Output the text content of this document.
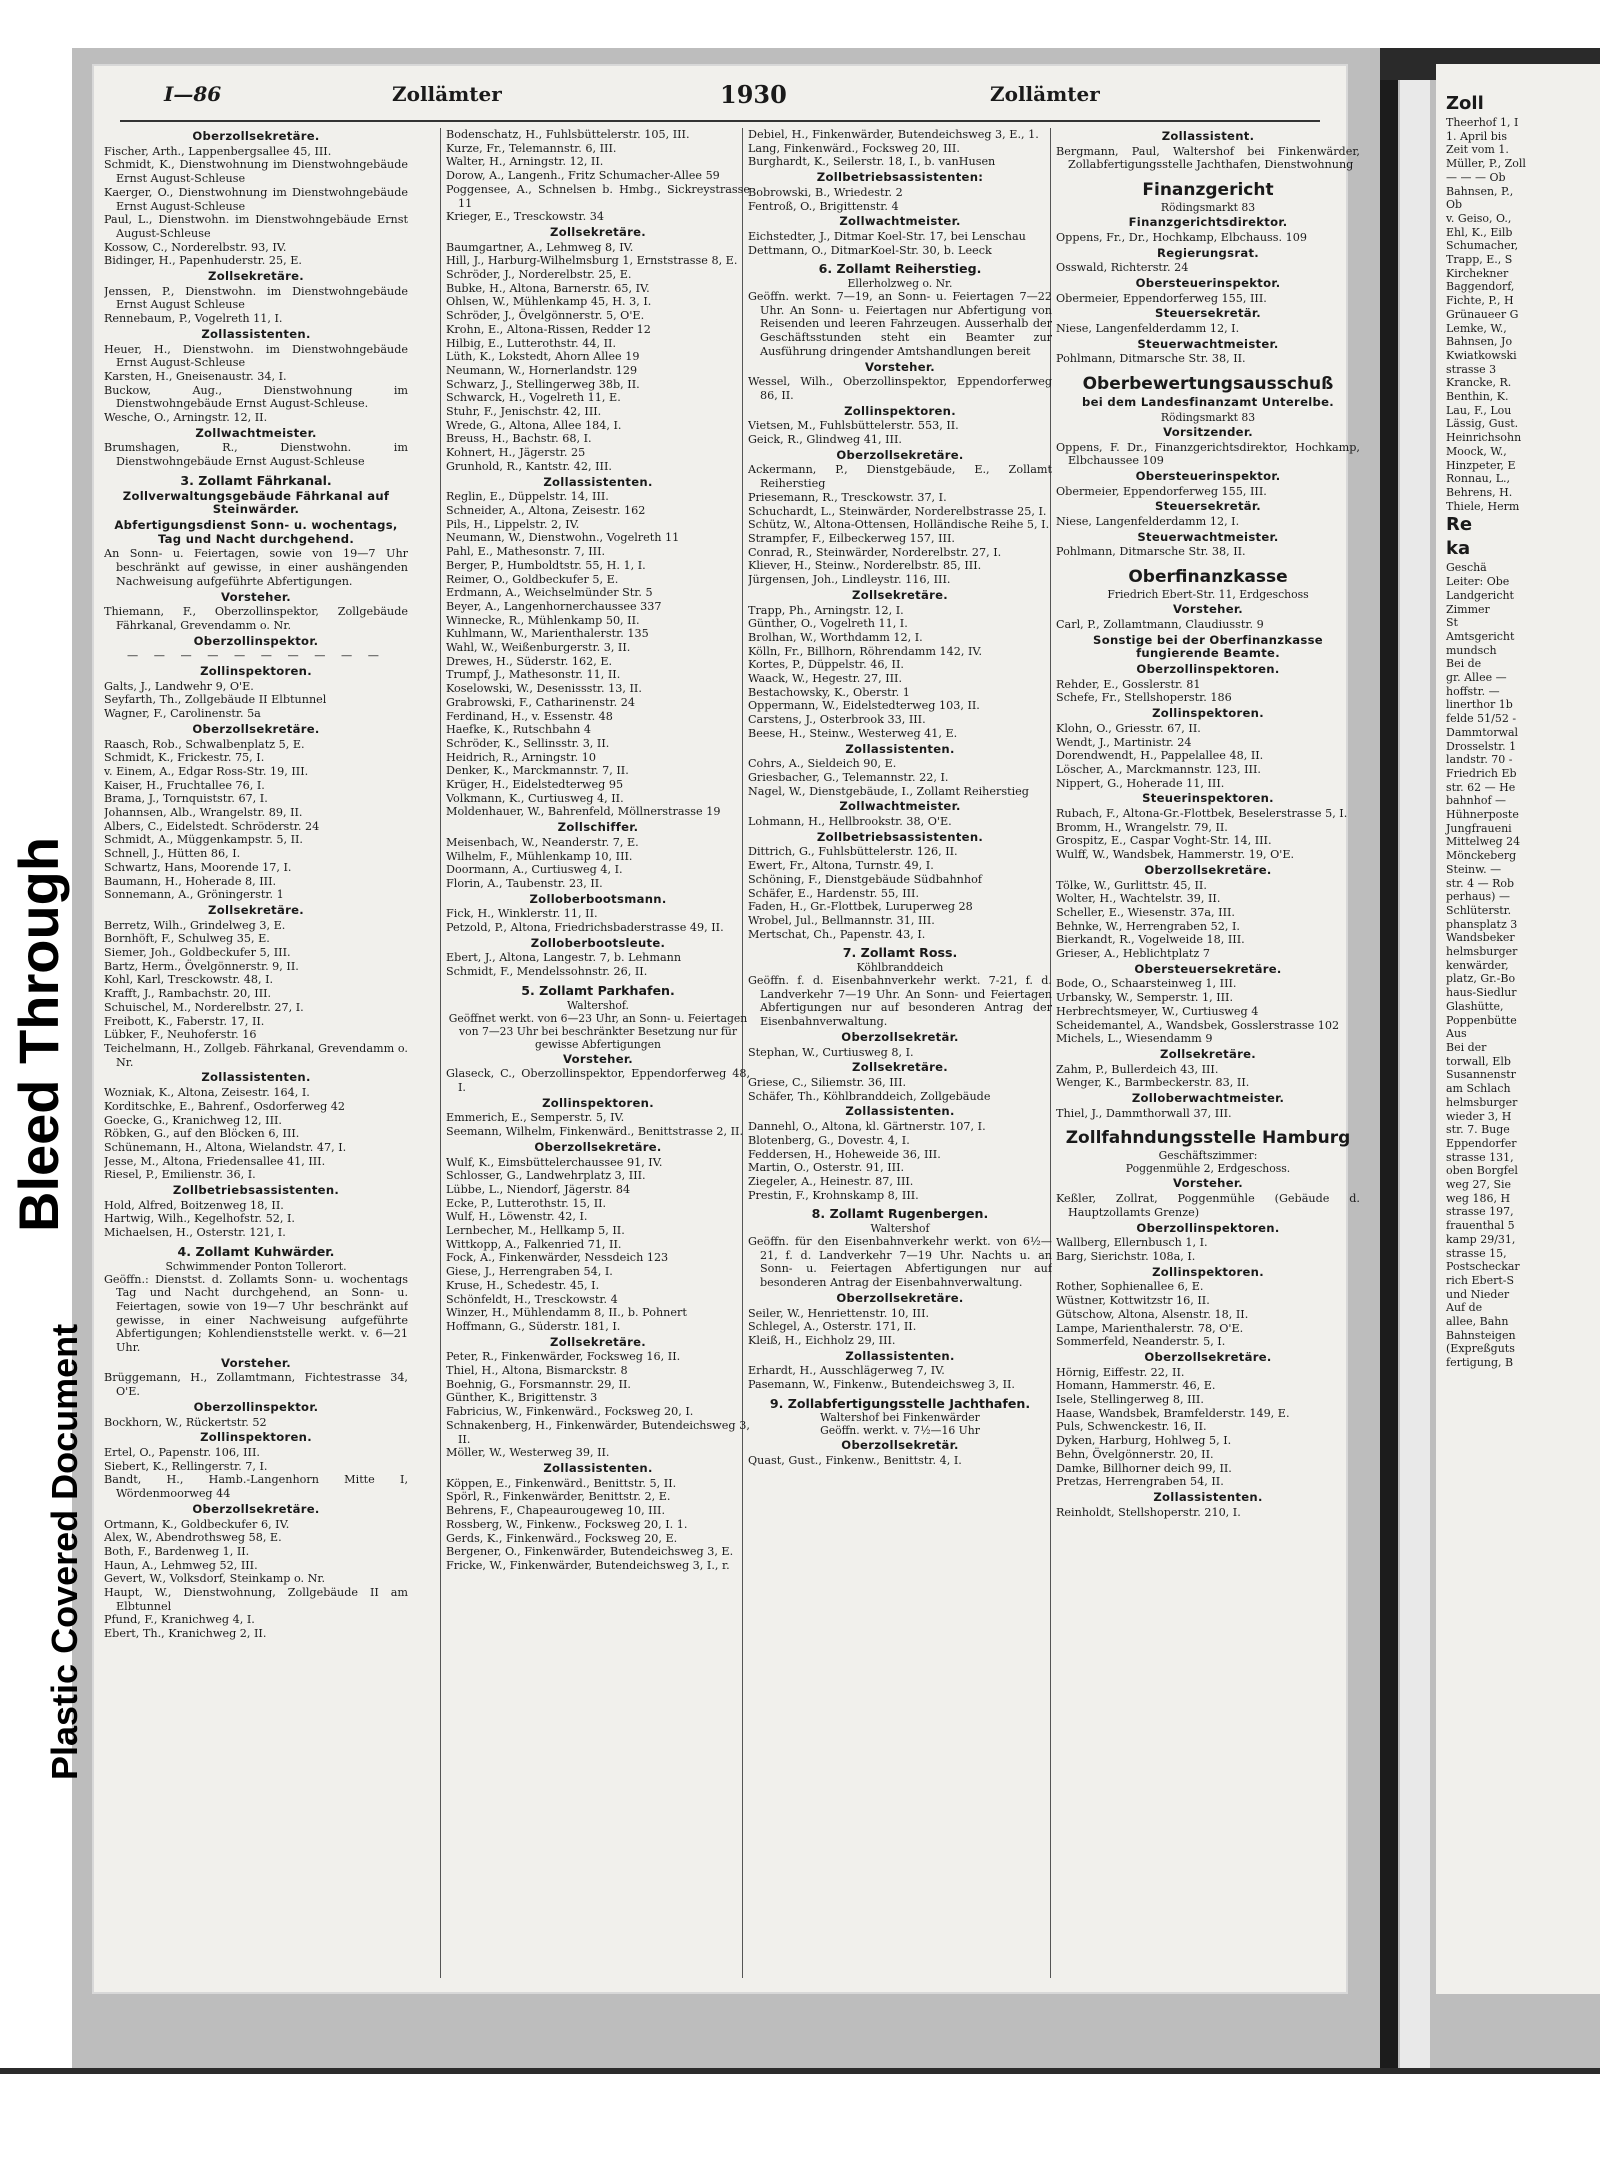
Bleed Through
Plastic Covered Document
I—86	Zollämter	1930	Zollämter
Oberzollsekretäre.
Fischer, Arth., Lappenbergsallee 45, III.
Schmidt, K., Dienstwohnung im Dienstwohngebäude Ernst August-Schleuse
Kaerger, O., Dienstwohnung im Dienstwohngebäude Ernst August-Schleuse
Paul, L., Dienstwohn. im Dienstwohngebäude Ernst August-Schleuse
Kossow, C., Norderelbstr. 93, IV.
Bidinger, H., Papenhuderstr. 25, E.
Zollsekretäre.
Jenssen, P., Dienstwohn. im Dienstwohngebäude Ernst August Schleuse
Rennebaum, P., Vogelreth 11, I.
Zollassistenten.
Heuer, H., Dienstwohn. im Dienstwohngebäude Ernst August-Schleuse
Karsten, H., Gneisenaustr. 34, I.
Buckow, Aug., Dienstwohnung im Dienstwohngebäude Ernst August-Schleuse.
Wesche, O., Arningstr. 12, II.
Zollwachtmeister.
Brumshagen, R., Dienstwohn. im Dienstwohngebäude Ernst August-Schleuse
3. Zollamt Fährkanal.
Zollverwaltungsgebäude Fährkanal auf Steinwärder.
Abfertigungsdienst Sonn- u. wochentags, Tag und Nacht durchgehend.
An Sonn- u. Feiertagen, sowie von 19—7 Uhr beschränkt auf gewisse, in einer aushängenden Nachweisung aufgeführte Abfertigungen.
Vorsteher.
Thiemann, F., Oberzollinspektor, Zollgebäude Fährkanal, Grevendamm o. Nr.
Oberzollinspektor.
— — — — — — — — — —
Zollinspektoren.
Galts, J., Landwehr 9, O'E.
Seyfarth, Th., Zollgebäude II Elbtunnel
Wagner, F., Carolinenstr. 5a
Oberzollsekretäre.
Raasch, Rob., Schwalbenplatz 5, E.
Schmidt, K., Frickestr. 75, I.
v. Einem, A., Edgar Ross-Str. 19, III.
Kaiser, H., Fruchtallee 76, I.
Brama, J., Tornquiststr. 67, I.
Johannsen, Alb., Wrangelstr. 89, II.
Albers, C., Eidelstedt. Schröderstr. 24
Schmidt, A., Müggenkampstr. 5, II.
Schnell, J., Hütten 86, I.
Schwartz, Hans, Moorende 17, I.
Baumann, H., Hoherade 8, III.
Sonnemann, A., Gröningerstr. 1
Zollsekretäre.
Berretz, Wilh., Grindelweg 3, E.
Bornhöft, F., Schulweg 35, E.
Siemer, Joh., Goldbeckufer 5, III.
Bartz, Herm., Övelgönnerstr. 9, II.
Kohl, Karl, Tresckowstr. 48, I.
Krafft, J., Rambachstr. 20, III.
Schuischel, M., Norderelbstr. 27, I.
Freibott, K., Faberstr. 17, II.
Lübker, F., Neuhoferstr. 16
Teichelmann, H., Zollgeb. Fährkanal, Grevendamm o. Nr.
Zollassistenten.
Wozniak, K., Altona, Zeisestr. 164, I.
Korditschke, E., Bahrenf., Osdorferweg 42
Goecke, G., Kranichweg 12, III.
Röbken, G., auf den Blöcken 6, III.
Schünemann, H., Altona, Wielandstr. 47, I.
Jesse, M., Altona, Friedensallee 41, III.
Riesel, P., Emilienstr. 36, I.
Zollbetriebsassistenten.
Hold, Alfred, Boitzenweg 18, II.
Hartwig, Wilh., Kegelhofstr. 52, I.
Michaelsen, H., Osterstr. 121, I.
4. Zollamt Kuhwärder.
Schwimmender Ponton Tollerort.
Geöffn.: Dienstst. d. Zollamts Sonn- u. wochentags Tag und Nacht durchgehend, an Sonn- u. Feiertagen, sowie von 19—7 Uhr beschränkt auf gewisse, in einer Nachweisung aufgeführte Abfertigungen; Kohlendienststelle werkt. v. 6—21 Uhr.
Vorsteher.
Brüggemann, H., Zollamtmann, Fichtestrasse 34, O'E.
Oberzollinspektor.
Bockhorn, W., Rückertstr. 52
Zollinspektoren.
Ertel, O., Papenstr. 106, III.
Siebert, K., Rellingerstr. 7, I.
Bandt, H., Hamb.-Langenhorn Mitte I, Wördenmoorweg 44
Oberzollsekretäre.
Ortmann, K., Goldbeckufer 6, IV.
Alex, W., Abendrothsweg 58, E.
Both, F., Bardenweg 1, II.
Haun, A., Lehmweg 52, III.
Gevert, W., Volksdorf, Steinkamp o. Nr.
Haupt, W., Dienstwohnung, Zollgebäude II am Elbtunnel
Pfund, F., Kranichweg 4, I.
Ebert, Th., Kranichweg 2, II.
Bodenschatz, H., Fuhlsbüttelerstr. 105, III.
Kurze, Fr., Telemannstr. 6, III.
Walter, H., Arningstr. 12, II.
Dorow, A., Langenh., Fritz Schumacher-Allee 59
Poggensee, A., Schnelsen b. Hmbg., Sickreystrasse 11
Krieger, E., Tresckowstr. 34
Zollsekretäre.
Baumgartner, A., Lehmweg 8, IV.
Hill, J., Harburg-Wilhelmsburg 1, Ernststrasse 8, E.
Schröder, J., Norderelbstr. 25, E.
Bubke, H., Altona, Barnerstr. 65, IV.
Ohlsen, W., Mühlenkamp 45, H. 3, I.
Schröder, J., Övelgönnerstr. 5, O'E.
Krohn, E., Altona-Rissen, Redder 12
Hilbig, E., Lutterothstr. 44, II.
Lüth, K., Lokstedt, Ahorn Allee 19
Neumann, W., Hornerlandstr. 129
Schwarz, J., Stellingerweg 38b, II.
Schwarck, H., Vogelreth 11, E.
Stuhr, F., Jenischstr. 42, III.
Wrede, G., Altona, Allee 184, I.
Breuss, H., Bachstr. 68, I.
Kohnert, H., Jägerstr. 25
Grunhold, R., Kantstr. 42, III.
Zollassistenten.
Reglin, E., Düppelstr. 14, III.
Schneider, A., Altona, Zeisestr. 162
Pils, H., Lippelstr. 2, IV.
Neumann, W., Dienstwohn., Vogelreth 11
Pahl, E., Mathesonstr. 7, III.
Berger, P., Humboldtstr. 55, H. 1, I.
Reimer, O., Goldbeckufer 5, E.
Erdmann, A., Weichselmünder Str. 5
Beyer, A., Langenhornerchaussee 337
Winnecke, R., Mühlenkamp 50, II.
Kuhlmann, W., Marienthalerstr. 135
Wahl, W., Weißenburgerstr. 3, II.
Drewes, H., Süderstr. 162, E.
Trumpf, J., Mathesonstr. 11, II.
Koselowski, W., Desenissstr. 13, II.
Grabrowski, F., Catharinenstr. 24
Ferdinand, H., v. Essenstr. 48
Haefke, K., Rutschbahn 4
Schröder, K., Sellinsstr. 3, II.
Heidrich, R., Arningstr. 10
Denker, K., Marckmannstr. 7, II.
Krüger, H., Eidelstedterweg 95
Volkmann, K., Curtiusweg 4, II.
Moldenhauer, W., Bahrenfeld, Möllnerstrasse 19
Zollschiffer.
Meisenbach, W., Neanderstr. 7, E.
Wilhelm, F., Mühlenkamp 10, III.
Doormann, A., Curtiusweg 4, I.
Florin, A., Taubenstr. 23, II.
Zolloberbootsmann.
Fick, H., Winklerstr. 11, II.
Petzold, P., Altona, Friedrichsbaderstrasse 49, II.
Zolloberbootsleute.
Ebert, J., Altona, Langestr. 7, b. Lehmann
Schmidt, F., Mendelssohnstr. 26, II.
5. Zollamt Parkhafen.
Waltershof.
Geöffnet werkt. von 6—23 Uhr, an Sonn- u. Feiertagen von 7—23 Uhr bei beschränkter Besetzung nur für gewisse Abfertigungen
Vorsteher.
Glaseck, C., Oberzollinspektor, Eppendorferweg 48, I.
Zollinspektoren.
Emmerich, E., Semperstr. 5, IV.
Seemann, Wilhelm, Finkenwärd., Benittstrasse 2, II.
Oberzollsekretäre.
Wulf, K., Eimsbüttelerchaussee 91, IV.
Schlosser, G., Landwehrplatz 3, III.
Lübbe, L., Niendorf, Jägerstr. 84
Ecke, P., Lutterothstr. 15, II.
Wulf, H., Löwenstr. 42, I.
Lernbecher, M., Hellkamp 5, II.
Wittkopp, A., Falkenried 71, II.
Fock, A., Finkenwärder, Nessdeich 123
Giese, J., Herrengraben 54, I.
Kruse, H., Schedestr. 45, I.
Schönfeldt, H., Tresckowstr. 4
Winzer, H., Mühlendamm 8, II., b. Pohnert
Hoffmann, G., Süderstr. 181, I.
Zollsekretäre.
Peter, R., Finkenwärder, Focksweg 16, II.
Thiel, H., Altona, Bismarckstr. 8
Boehnig, G., Forsmannstr. 29, II.
Günther, K., Brigittenstr. 3
Fabricius, W., Finkenwärd., Focksweg 20, I.
Schnakenberg, H., Finkenwärder, Butendeichsweg 3, II.
Möller, W., Westerweg 39, II.
Zollassistenten.
Köppen, E., Finkenwärd., Benittstr. 5, II.
Spörl, R., Finkenwärder, Benittstr. 2, E.
Behrens, F., Chapeaurougeweg 10, III.
Rossberg, W., Finkenw., Focksweg 20, I. 1.
Gerds, K., Finkenwärd., Focksweg 20, E.
Bergener, O., Finkenwärder, Butendeichsweg 3, E.
Fricke, W., Finkenwärder, Butendeichsweg 3, I., r.
Debiel, H., Finkenwärder, Butendeichsweg 3, E., 1.
Lang, Finkenwärd., Focksweg 20, III.
Burghardt, K., Seilerstr. 18, I., b. vanHusen
Zollbetriebsassistenten:
Bobrowski, B., Wriedestr. 2
Fentroß, O., Brigittenstr. 4
Zollwachtmeister.
Eichstedter, J., Ditmar Koel-Str. 17, bei Lenschau
Dettmann, O., DitmarKoel-Str. 30, b. Leeck
6. Zollamt Reiherstieg.
Ellerholzweg o. Nr.
Geöffn. werkt. 7—19, an Sonn- u. Feiertagen 7—22 Uhr. An Sonn- u. Feiertagen nur Abfertigung von Reisenden und leeren Fahrzeugen. Ausserhalb der Geschäftsstunden steht ein Beamter zur Ausführung dringender Amtshandlungen bereit
Vorsteher.
Wessel, Wilh., Oberzollinspektor, Eppendorferweg 86, II.
Zollinspektoren.
Vietsen, M., Fuhlsbüttelerstr. 553, II.
Geick, R., Glindweg 41, III.
Oberzollsekretäre.
Ackermann, P., Dienstgebäude, E., Zollamt Reiherstieg
Priesemann, R., Tresckowstr. 37, I.
Schuchardt, L., Steinwärder, Norderelbstrasse 25, I.
Schütz, W., Altona-Ottensen, Holländische Reihe 5, I.
Strampfer, F., Eilbeckerweg 157, III.
Conrad, R., Steinwärder, Norderelbstr. 27, I.
Kliever, H., Steinw., Norderelbstr. 85, III.
Jürgensen, Joh., Lindleystr. 116, III.
Zollsekretäre.
Trapp, Ph., Arningstr. 12, I.
Günther, O., Vogelreth 11, I.
Brolhan, W., Worthdamm 12, I.
Kölln, Fr., Billhorn, Röhrendamm 142, IV.
Kortes, P., Düppelstr. 46, II.
Waack, W., Hegestr. 27, III.
Bestachowsky, K., Oberstr. 1
Oppermann, W., Eidelstedterweg 103, II.
Carstens, J., Osterbrook 33, III.
Beese, H., Steinw., Westerweg 41, E.
Zollassistenten.
Cohrs, A., Sieldeich 90, E.
Griesbacher, G., Telemannstr. 22, I.
Nagel, W., Dienstgebäude, I., Zollamt Reiherstieg
Zollwachtmeister.
Lohmann, H., Hellbrookstr. 38, O'E.
Zollbetriebsassistenten.
Dittrich, G., Fuhlsbüttelerstr. 126, II.
Ewert, Fr., Altona, Turnstr. 49, I.
Schöning, F., Dienstgebäude Südbahnhof
Schäfer, E., Hardenstr. 55, III.
Faden, H., Gr.-Flottbek, Luruperweg 28
Wrobel, Jul., Bellmannstr. 31, III.
Mertschat, Ch., Papenstr. 43, I.
7. Zollamt Ross.
Köhlbranddeich
Geöffn. f. d. Eisenbahnverkehr werkt. 7-21, f. d. Landverkehr 7—19 Uhr. An Sonn- und Feiertagen Abfertigungen nur auf besonderen Antrag der Eisenbahnverwaltung.
Oberzollsekretär.
Stephan, W., Curtiusweg 8, I.
Zollsekretäre.
Griese, C., Siliemstr. 36, III.
Schäfer, Th., Köhlbranddeich, Zollgebäude
Zollassistenten.
Dannehl, O., Altona, kl. Gärtnerstr. 107, I.
Blotenberg, G., Dovestr. 4, I.
Feddersen, H., Hoheweide 36, III.
Martin, O., Osterstr. 91, III.
Ziegeler, A., Heinestr. 87, III.
Prestin, F., Krohnskamp 8, III.
8. Zollamt Rugenbergen.
Waltershof
Geöffn. für den Eisenbahnverkehr werkt. von 6½—21, f. d. Landverkehr 7—19 Uhr. Nachts u. an Sonn- u. Feiertagen Abfertigungen nur auf besonderen Antrag der Eisenbahnverwaltung.
Oberzollsekretäre.
Seiler, W., Henriettenstr. 10, III.
Schlegel, A., Osterstr. 171, II.
Kleiß, H., Eichholz 29, III.
Zollassistenten.
Erhardt, H., Ausschlägerweg 7, IV.
Pasemann, W., Finkenw., Butendeichsweg 3, II.
9. Zollabfertigungsstelle Jachthafen.
Waltershof bei Finkenwärder
Geöffn. werkt. v. 7½—16 Uhr
Oberzollsekretär.
Quast, Gust., Finkenw., Benittstr. 4, I.
Zollassistent.
Bergmann, Paul, Waltershof bei Finkenwärder, Zollabfertigungsstelle Jachthafen, Dienstwohnung
Finanzgericht
Rödingsmarkt 83
Finanzgerichtsdirektor.
Oppens, Fr., Dr., Hochkamp, Elbchauss. 109
Regierungsrat.
Osswald, Richterstr. 24
Obersteuerinspektor.
Obermeier, Eppendorferweg 155, III.
Steuersekretär.
Niese, Langenfelderdamm 12, I.
Steuerwachtmeister.
Pohlmann, Ditmarsche Str. 38, II.
Oberbewertungsausschuß
bei dem Landesfinanzamt Unterelbe.
Rödingsmarkt 83
Vorsitzender.
Oppens, F. Dr., Finanzgerichtsdirektor, Hochkamp, Elbchaussee 109
Obersteuerinspektor.
Obermeier, Eppendorferweg 155, III.
Steuersekretär.
Niese, Langenfelderdamm 12, I.
Steuerwachtmeister.
Pohlmann, Ditmarsche Str. 38, II.
Oberfinanzkasse
Friedrich Ebert-Str. 11, Erdgeschoss
Vorsteher.
Carl, P., Zollamtmann, Claudiusstr. 9
Sonstige bei der Oberfinanzkasse fungierende Beamte.
Oberzollinspektoren.
Rehder, E., Gosslerstr. 81
Schefe, Fr., Stellshoperstr. 186
Zollinspektoren.
Klohn, O., Griesstr. 67, II.
Wendt, J., Martinistr. 24
Dorendwendt, H., Pappelallee 48, II.
Löscher, A., Marckmannstr. 123, III.
Nippert, G., Hoherade 11, III.
Steuerinspektoren.
Rubach, F., Altona-Gr.-Flottbek, Beselerstrasse 5, I.
Bromm, H., Wrangelstr. 79, II.
Grospitz, E., Caspar Voght-Str. 14, III.
Wulff, W., Wandsbek, Hammerstr. 19, O'E.
Oberzollsekretäre.
Tölke, W., Gurlittstr. 45, II.
Wolter, H., Wachtelstr. 39, II.
Scheller, E., Wiesenstr. 37a, III.
Behnke, W., Herrengraben 52, I.
Bierkandt, R., Vogelweide 18, III.
Grieser, A., Heblichtplatz 7
Obersteuersekretäre.
Bode, O., Schaarsteinweg 1, III.
Urbansky, W., Semperstr. 1, III.
Herbrechtsmeyer, W., Curtiusweg 4
Scheidemantel, A., Wandsbek, Gosslerstrasse 102
Michels, L., Wiesendamm 9
Zollsekretäre.
Zahm, P., Bullerdeich 43, III.
Wenger, K., Barmbeckerstr. 83, II.
Zolloberwachtmeister.
Thiel, J., Dammthorwall 37, III.
Zollfahndungsstelle Hamburg
Geschäftszimmer:
Poggenmühle 2, Erdgeschoss.
Vorsteher.
Keßler, Zollrat, Poggenmühle (Gebäude d. Hauptzollamts Grenze)
Oberzollinspektoren.
Wallberg, Ellernbusch 1, I.
Barg, Sierichstr. 108a, I.
Zollinspektoren.
Rother, Sophienallee 6, E.
Wüstner, Kottwitzstr 16, II.
Gütschow, Altona, Alsenstr. 18, II.
Lampe, Marienthalerstr. 78, O'E.
Sommerfeld, Neanderstr. 5, I.
Oberzollsekretäre.
Hörnig, Eiffestr. 22, II.
Homann, Hammerstr. 46, E.
Isele, Stellingerweg 8, III.
Haase, Wandsbek, Bramfelderstr. 149, E.
Puls, Schwenckestr. 16, II.
Dyken, Harburg, Hohlweg 5, I.
Behn, Övelgönnerstr. 20, II.
Damke, Billhorner deich 99, II.
Pretzas, Herrengraben 54, II.
Zollassistenten.
Reinholdt, Stellshoperstr. 210, I.
Zoll
Theerhof 1, I
1. April bis
Zeit vom 1.
Müller, P., Zoll
— — — Ob
Bahnsen, P.,
Ob
v. Geiso, O.,
Ehl, K., Eilb
Schumacher,
Trapp, E., S
Kirchekner
Baggendorf,
Fichte, P., H
Grünaueer G
Lemke, W.,
Bahnsen, Jo
Kwiatkowski
strasse 3
Krancke, R.
Benthin, K.
Lau, F., Lou
Lässig, Gust.
Heinrichsohn
Moock, W.,
Hinzpeter, E
Ronnau, L.,
Behrens, H.
Thiele, Herm
Re
ka
Geschä
Leiter: Obe
Landgericht
Zimmer
St
Amtsgericht
mundsch
Bei de
gr. Allee —
hoffstr. —
linerthor 1b
felde 51/52 -
Dammtorwal
Drosselstr. 1
landstr. 70 -
Friedrich Eb
str. 62 — He
bahnhof —
Hühnerposte
Jungfraueni
Mittelweg 24
Mönckeberg
Steinw. —
str. 4 — Rob
perhaus) —
Schlüterstr.
phansplatz 3
Wandsbeker
helmsburger
kenwärder,
platz, Gr.-Bo
haus-Siedlur
Glashütte,
Poppenbütte
Aus
Bei der
torwall, Elb
Susannenstr
am Schlach
helmsburger
wieder 3, H
str. 7. Buge
Eppendorfer
strasse 131,
oben Borgfel
weg 27, Sie
weg 186, H
strasse 197,
frauenthal 5
kamp 29/31,
strasse 15,
Postscheckar
rich Ebert-S
und Nieder
Auf de
allee, Bahn
Bahnsteigen
(Expreßguts
fertigung, B
